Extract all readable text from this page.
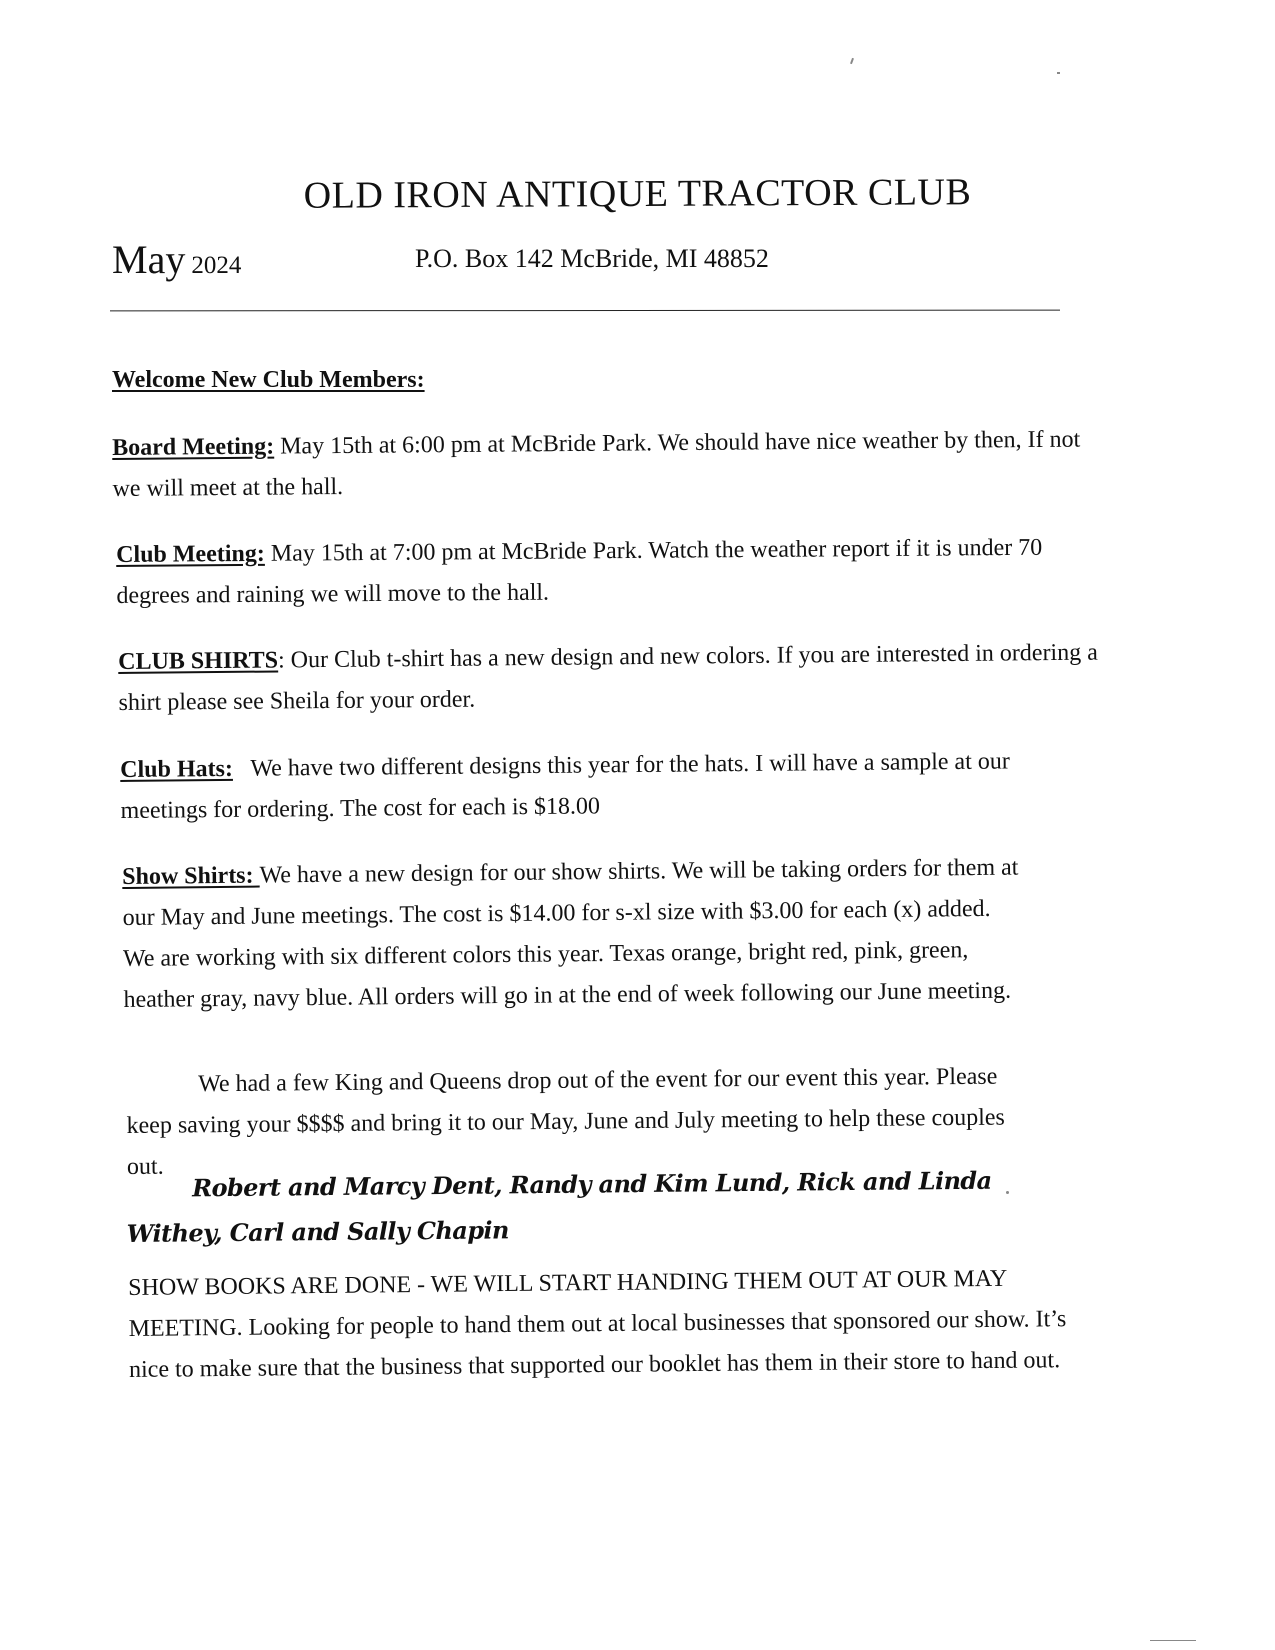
OLD IRON ANTIQUE TRACTOR CLUB
May 2024	P.O. Box 142 McBride, MI 48852
Welcome New Club Members:
Board Meeting: May 15th at 6:00 pm at McBride Park. We should have nice weather by then, If not we will meet at the hall.
Club Meeting: May 15th at 7:00 pm at McBride Park. Watch the weather report if it is under 70 degrees and raining we will move to the hall.
CLUB SHIRTS: Our Club t-shirt has a new design and new colors. If you are interested in ordering a shirt please see Sheila for your order.
Club Hats:   We have two different designs this year for the hats. I will have a sample at our meetings for ordering. The cost for each is $18.00
Show Shirts: We have a new design for our show shirts. We will be taking orders for them at our May and June meetings. The cost is $14.00 for s-xl size with $3.00 for each (x) added. We are working with six different colors this year. Texas orange, bright red, pink, green, heather gray, navy blue. All orders will go in at the end of week following our June meeting.
We had a few King and Queens drop out of the event for our event this year. Please keep saving your $$$$ and bring it to our May, June and July meeting to help these couples out.	Robert and Marcy Dent, Randy and Kim Lund, Rick and Linda Withey, Carl and Sally Chapin
SHOW BOOKS ARE DONE - WE WILL START HANDING THEM OUT AT OUR MAY MEETING. Looking for people to hand them out at local businesses that sponsored our show. It’s nice to make sure that the business that supported our booklet has them in their store to hand out.
